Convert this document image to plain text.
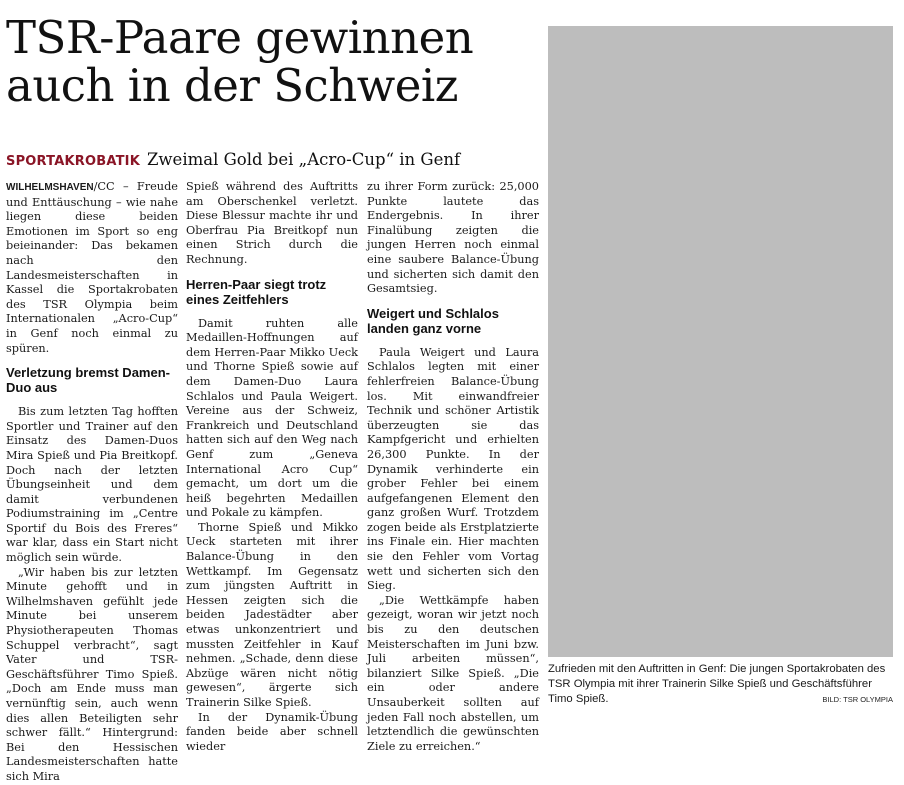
TSR-Paare gewinnen auch in der Schweiz
SPORTAKROBATIK Zweimal Gold bei „Acro-Cup“ in Genf

WILHELMSHAVEN/CC – Freude und Enttäuschung – wie nahe liegen diese beiden Emotionen im Sport so eng beieinander: Das bekamen nach den Landesmeisterschaften in Kassel die Sportakrobaten des TSR Olympia beim Internationalen „Acro-Cup“ in Genf noch einmal zu spüren.

Verletzung bremst Damen-Duo aus

Bis zum letzten Tag hofften Sportler und Trainer auf den Einsatz des Damen-Duos Mira Spieß und Pia Breitkopf. Doch nach der letzten Übungseinheit und dem damit verbundenen Podiumstraining im „Centre Sportif du Bois des Freres“ war klar, dass ein Start nicht möglich sein würde.

„Wir haben bis zur letzten Minute gehofft und in Wilhelmshaven gefühlt jede Minute bei unserem Physiotherapeuten Thomas Schuppel verbracht“, sagt Vater und TSR-Geschäftsführer Timo Spieß. „Doch am Ende muss man vernünftig sein, auch wenn dies allen Beteiligten sehr schwer fällt.“ Hintergrund: Bei den Hessischen Landesmeisterschaften hatte sich Mira

Spieß während des Auftritts am Oberschenkel verletzt. Diese Blessur machte ihr und Oberfrau Pia Breitkopf nun einen Strich durch die Rechnung.

Herren-Paar siegt trotz eines Zeitfehlers

Damit ruhten alle Medaillen-Hoffnungen auf dem Herren-Paar Mikko Ueck und Thorne Spieß sowie auf dem Damen-Duo Laura Schlalos und Paula Weigert. Vereine aus der Schweiz, Frankreich und Deutschland hatten sich auf den Weg nach Genf zum „Geneva International Acro Cup“ gemacht, um dort um die heiß begehrten Medaillen und Pokale zu kämpfen.

Thorne Spieß und Mikko Ueck starteten mit ihrer Balance-Übung in den Wettkampf. Im Gegensatz zum jüngsten Auftritt in Hessen zeigten sich die beiden Jadestädter aber etwas unkonzentriert und mussten Zeitfehler in Kauf nehmen. „Schade, denn diese Abzüge wären nicht nötig gewesen“, ärgerte sich Trainerin Silke Spieß.

In der Dynamik-Übung fanden beide aber schnell wieder

zu ihrer Form zurück: 25,000 Punkte lautete das Endergebnis. In ihrer Finalübung zeigten die jungen Herren noch einmal eine saubere Balance-Übung und sicherten sich damit den Gesamtsieg.

Weigert und Schlalos landen ganz vorne

Paula Weigert und Laura Schlalos legten mit einer fehlerfreien Balance-Übung los. Mit einwandfreier Technik und schöner Artistik überzeugten sie das Kampfgericht und erhielten 26,300 Punkte. In der Dynamik verhinderte ein grober Fehler bei einem aufgefangenen Element den ganz großen Wurf. Trotzdem zogen beide als Erstplatzierte ins Finale ein. Hier machten sie den Fehler vom Vortag wett und sicherten sich den Sieg.

„Die Wettkämpfe haben gezeigt, woran wir jetzt noch bis zu den deutschen Meisterschaften im Juni bzw. Juli arbeiten müssen“, bilanziert Silke Spieß. „Die ein oder andere Unsauberkeit sollten auf jeden Fall noch abstellen, um letztendlich die gewünschten Ziele zu erreichen.“

Zufrieden mit den Auftritten in Genf: Die jungen Sportakrobaten des TSR Olympia mit ihrer Trainerin Silke Spieß und Geschäftsführer Timo Spieß.	BILD: TSR OLYMPIA
